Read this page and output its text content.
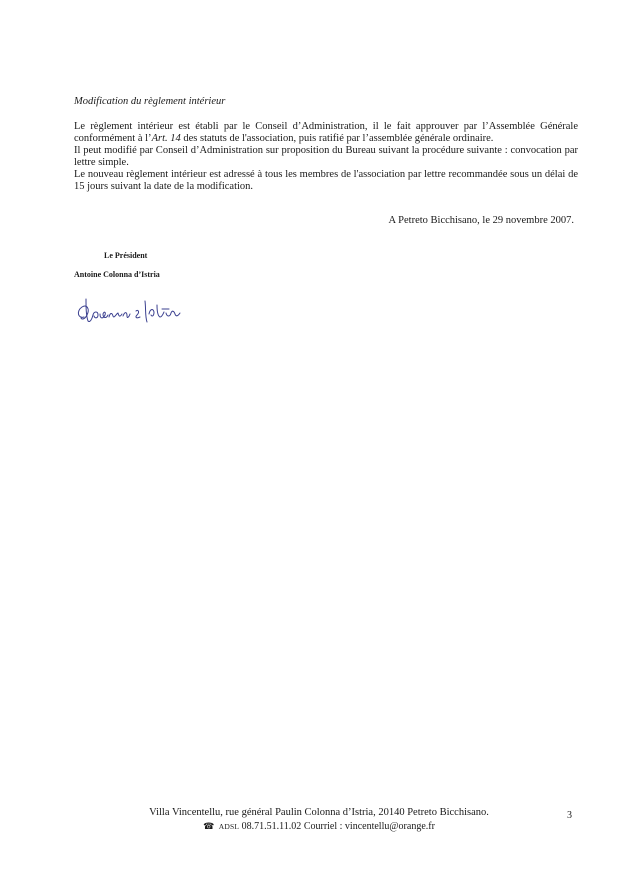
Modification du règlement intérieur

Le règlement intérieur est établi par le Conseil d’Administration, il le fait approuver par l’Assemblée Générale conformément à l’Art. 14 des statuts de l'association, puis ratifié par l’assemblée générale ordinaire.

Il peut modifié par Conseil d’Administration sur proposition du Bureau suivant la procédure suivante : convocation par lettre simple.

Le nouveau règlement intérieur est adressé à tous les membres de l'association par lettre recommandée sous un délai de 15 jours suivant la date de la modification.

A Petreto Bicchisano, le 29 novembre 2007.
Le Président
Antoine Colonna d’Istria
Villa Vincentellu, rue général Paulin Colonna d’Istria, 20140 Petreto Bicchisano.
☎ ADSL 08.71.51.11.02 Courriel : vincentellu@orange.fr
3
